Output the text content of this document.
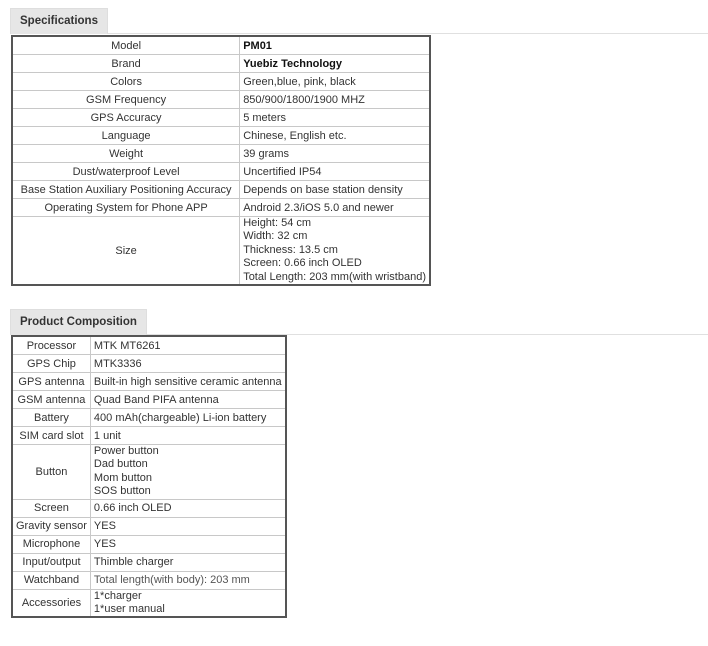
Specifications
Model	PM01
Brand	Yuebiz Technology
Colors	Green,blue, pink, black
GSM Frequency	850/900/1800/1900 MHZ
GPS Accuracy	5 meters
Language	Chinese, English etc.
Weight	39 grams
Dust/waterproof Level	Uncertified IP54
Base Station Auxiliary Positioning Accuracy	Depends on base station density
Operating System for Phone APP	Android 2.3/iOS 5.0 and newer
Size	Height: 54 cm
Width: 32 cm
Thickness: 13.5 cm
Screen: 0.66 inch OLED
Total Length: 203 mm(with wristband)
Product Composition
Processor	MTK MT6261
GPS Chip	MTK3336
GPS antenna	Built-in high sensitive ceramic antenna
GSM antenna	Quad Band PIFA antenna
Battery	400 mAh(chargeable) Li-ion battery
SIM card slot	1 unit
Button	Power button
Dad button
Mom button
SOS button

Screen	0.66 inch OLED
Gravity sensor	YES
Microphone	YES
Input/output	Thimble charger
Watchband	Total length(with body): 203 mm
Accessories	1*charger
1*user manual
